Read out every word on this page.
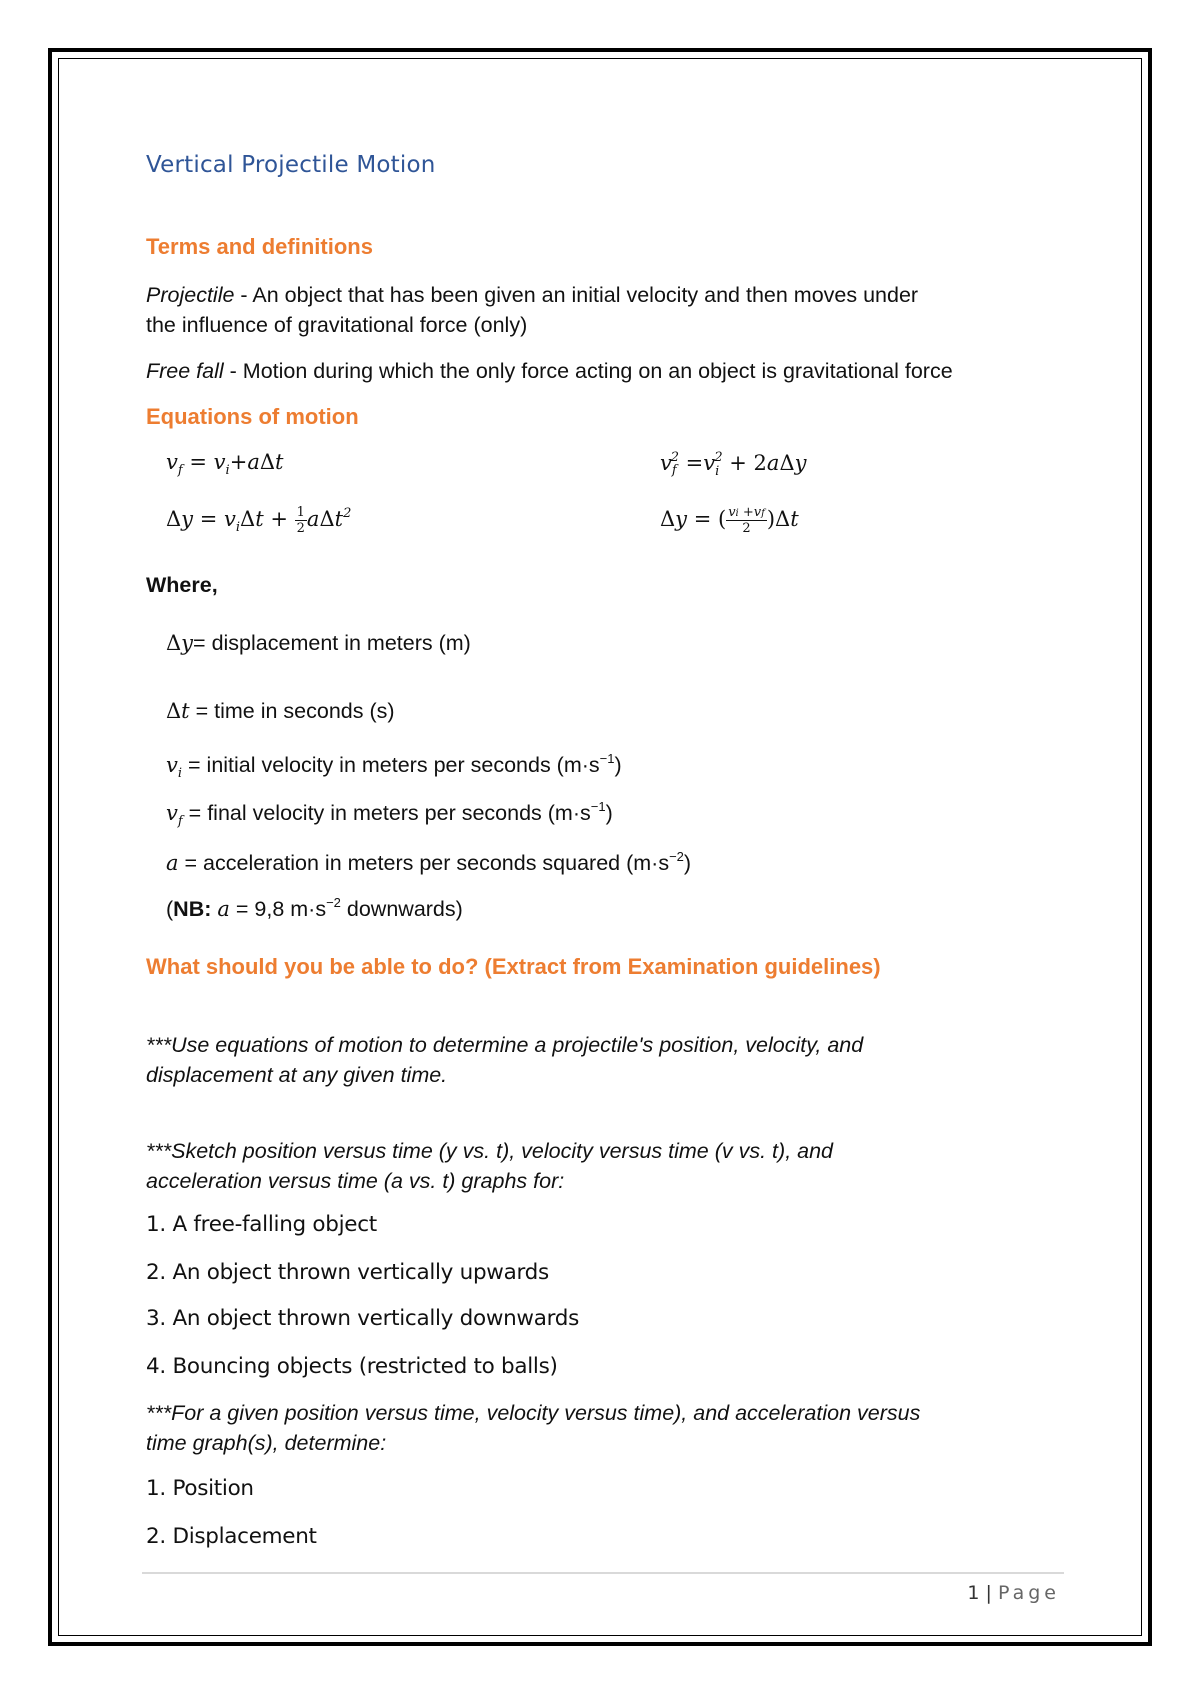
Vertical Projectile Motion
Terms and definitions
Projectile - An object that has been given an initial velocity and then moves under
the influence of gravitational force (only)
Free fall - Motion during which the only force acting on an object is gravitational force
Equations of motion
$v_f = v_i+a\Delta t$	$v_f^2 =v_i^2 + 2a\Delta y$
$\Delta y = v_i\Delta t + \frac{1}{2} a\Delta t^2$	Δy = ( $\frac{vi +vf}{2} )\Delta t$
Where,
Δy= displacement in meters (m)
Δt = time in seconds (s)
$v_i$ = initial velocity in meters per seconds $(m\cdot s^{-1})$
$v_f$ = final velocity in meters per seconds $(m\cdot s^{-1})$
a = acceleration in meters per seconds squared $(m\cdot s^{-2})$
(NB: a = 9,8 $m\cdot s^{-2}$ downwards)
What should you be able to do? (Extract from Examination guidelines)
***Use equations of motion to determine a projectile's position, velocity, and
displacement at any given time.
***Sketch position versus time (y vs. t), velocity versus time (v vs. t), and
acceleration versus time (a vs. t) graphs for:
1. A free-falling object
2. An object thrown vertically upwards
3. An object thrown vertically downwards
4. Bouncing objects (restricted to balls)
***For a given position versus time, velocity versus time), and acceleration versus
time graph(s), determine:
1. Position
2. Displacement
1 | Page
